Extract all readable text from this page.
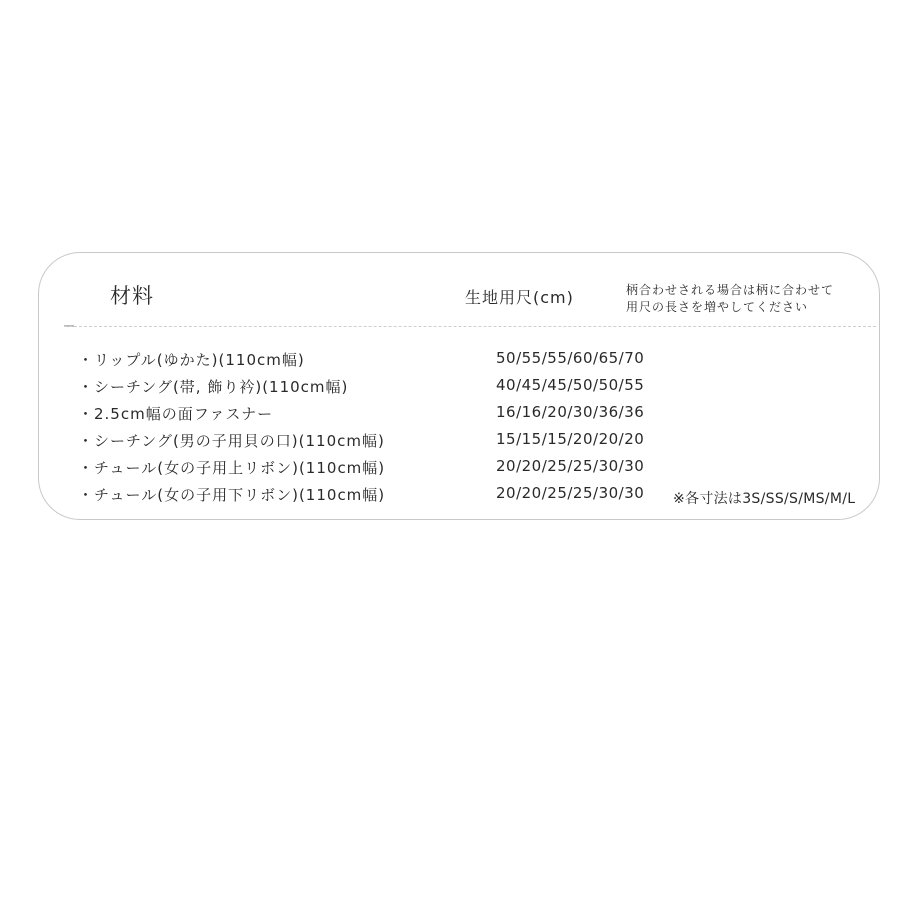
材料	生地用尺(cm)	柄合わせされる場合は柄に合わせて
用尺の長さを増やしてください
・リップル(ゆかた)(110cm幅)	50/55/55/60/65/70
・シーチング(帯, 飾り衿)(110cm幅)	40/45/45/50/50/55
・2.5cm幅の面ファスナー	16/16/20/30/36/36
・シーチング(男の子用貝の口)(110cm幅)	15/15/15/20/20/20
・チュール(女の子用上リボン)(110cm幅)	20/20/25/25/30/30
・チュール(女の子用下リボン)(110cm幅)	20/20/25/25/30/30 ※各寸法は3S/SS/S/MS/M/L
